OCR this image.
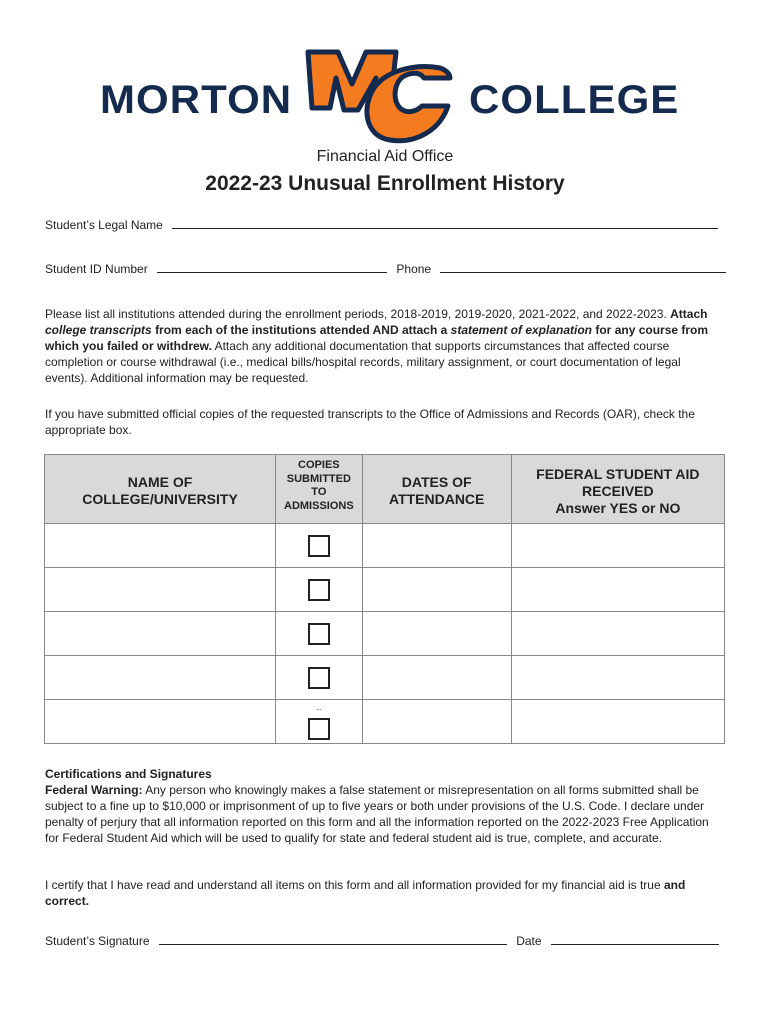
MORTON	COLLEGE
Financial Aid Office
2022-23 Unusual Enrollment History
Student’s Legal Name
Student ID Number	Phone
Please list all institutions attended during the enrollment periods, 2018-2019, 2019-2020, 2021-2022, and 2022-2023. Attach college transcripts from each of the institutions attended AND attach a statement of explanation for any course from which you failed or withdrew. Attach any additional documentation that supports circumstances that affected course completion or course withdrawal (i.e., medical bills/hospital records, military assignment, or court documentation of legal events). Additional information may be requested.
If you have submitted official copies of the requested transcripts to the Office of Admissions and Records (OAR), check the appropriate box.
NAME OF COLLEGE/UNIVERSITY	COPIES SUBMITTED TO ADMISSIONS	DATES OF ATTENDANCE	FEDERAL STUDENT AID RECEIVED
Answer YES or NO

	..		

Certifications and Signatures
Federal Warning: Any person who knowingly makes a false statement or misrepresentation on all forms submitted shall be subject to a fine up to $10,000 or imprisonment of up to five years or both under provisions of the U.S. Code. I declare under penalty of perjury that all information reported on this form and all the information reported on the 2022-2023 Free Application for Federal Student Aid which will be used to qualify for state and federal student aid is true, complete, and accurate.
I certify that I have read and understand all items on this form and all information provided for my financial aid is true and correct.
Student’s Signature	Date
